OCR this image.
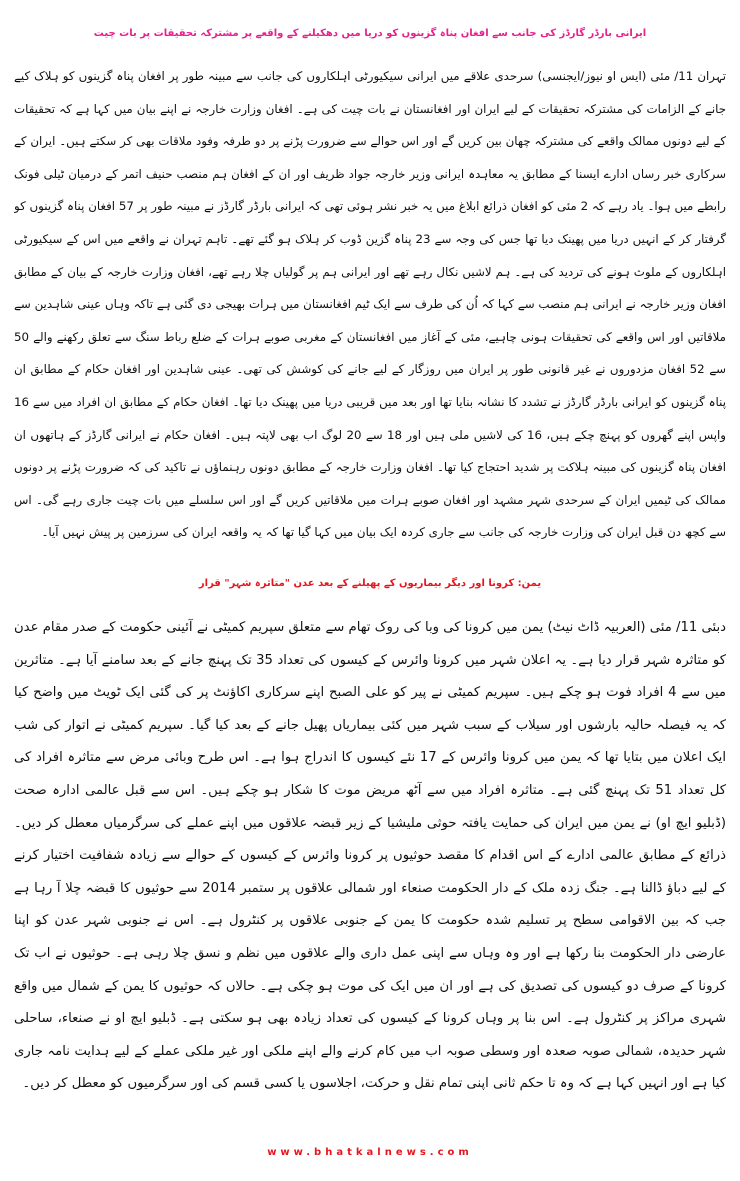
ایرانی بارڈر گارڈز کی جانب سے افغان پناہ گزینوں کو دریا میں دھکیلنے کے واقعے پر مشترکہ تحقیقات پر بات چیت

تہران 11/ مئی (ایس او نیوز/ایجنسی) سرحدی علاقے میں ایرانی سیکیورٹی اہلکاروں کی جانب سے مبینہ طور پر افغان پناہ گزینوں کو ہلاک کیے جانے کے الزامات کی مشترکہ تحقیقات کے لیے ایران اور افغانستان نے بات چیت کی ہے۔ افغان وزارت خارجہ نے اپنے بیان میں کہا ہے کہ تحقیقات کے لیے دونوں ممالک واقعے کی مشترکہ چھان بین کریں گے اور اس حوالے سے ضرورت پڑنے پر دو طرفہ وفود ملاقات بھی کر سکتے ہیں۔ ایران کے سرکاری خبر رساں ادارے ایسنا کے مطابق یہ معاہدہ ایرانی وزیر خارجہ جواد ظریف اور ان کے افغان ہم منصب حنیف اتمر کے درمیان ٹیلی فونک رابطے میں ہوا۔ یاد رہے کہ 2 مئی کو افغان ذرائع ابلاغ میں یہ خبر نشر ہوئی تھی کہ ایرانی بارڈر گارڈز نے مبینہ طور پر 57 افغان پناہ گزینوں کو گرفتار کر کے انہیں دریا میں پھینک دیا تھا جس کی وجہ سے 23 پناہ گزین ڈوب کر ہلاک ہو گئے تھے۔ تاہم تہران نے واقعے میں اس کے سیکیورٹی اہلکاروں کے ملوث ہونے کی تردید کی ہے۔ ہم لاشیں نکال رہے تھے اور ایرانی ہم پر گولیاں چلا رہے تھے، افغان وزارت خارجہ کے بیان کے مطابق افغان وزیر خارجہ نے ایرانی ہم منصب سے کہا کہ اُن کی طرف سے ایک ٹیم افغانستان میں ہرات بھیجی دی گئی ہے تاکہ وہاں عینی شاہدین سے ملاقاتیں اور اس واقعے کی تحقیقات ہونی چاہیے، مئی کے آغاز میں افغانستان کے مغربی صوبے ہرات کے ضلع رباط سنگ سے تعلق رکھنے والے 50 سے 52 افغان مزدوروں نے غیر قانونی طور پر ایران میں روزگار کے لیے جانے کی کوشش کی تھی۔ عینی شاہدین اور افغان حکام کے مطابق ان پناہ گزینوں کو ایرانی بارڈر گارڈز نے تشدد کا نشانہ بنایا تھا اور بعد میں قریبی دریا میں پھینک دیا تھا۔ افغان حکام کے مطابق ان افراد میں سے 16 واپس اپنے گھروں کو پہنچ چکے ہیں، 16 کی لاشیں ملی ہیں اور 18 سے 20 لوگ اب بھی لاپتہ ہیں۔ افغان حکام نے ایرانی گارڈز کے ہاتھوں ان افغان پناہ گزینوں کی مبینہ ہلاکت پر شدید احتجاج کیا تھا۔ افغان وزارت خارجہ کے مطابق دونوں رہنماؤں نے تاکید کی کہ ضرورت پڑنے پر دونوں ممالک کی ٹیمیں ایران کے سرحدی شہر مشہد اور افغان صوبے ہرات میں ملاقاتیں کریں گے اور اس سلسلے میں بات چیت جاری رہے گی۔ اس سے کچھ دن قبل ایران کی وزارت خارجہ کی جانب سے جاری کردہ ایک بیان میں کہا گیا تھا کہ یہ واقعہ ایران کی سرزمین پر پیش نہیں آیا۔

یمن: کرونا اور دیگر بیماریوں کے پھیلنے کے بعد عدن "متاثرہ شہر" قرار

دبئی 11/ مئی (العربیہ ڈاٹ نیٹ) یمن میں کرونا کی وبا کی روک تھام سے متعلق سپریم کمیٹی نے آئینی حکومت کے صدر مقام عدن کو متاثرہ شہر قرار دیا ہے۔ یہ اعلان شہر میں کرونا وائرس کے کیسوں کی تعداد 35 تک پہنچ جانے کے بعد سامنے آیا ہے۔ متاثرین میں سے 4 افراد فوت ہو چکے ہیں۔ سپریم کمیٹی نے پیر کو علی الصبح اپنے سرکاری اکاؤنٹ پر کی گئی ایک ٹویٹ میں واضح کیا کہ یہ فیصلہ حالیہ بارشوں اور سیلاب کے سبب شہر میں کئی بیماریاں پھیل جانے کے بعد کیا گیا۔ سپریم کمیٹی نے اتوار کی شب ایک اعلان میں بتایا تھا کہ یمن میں کرونا وائرس کے 17 نئے کیسوں کا اندراج ہوا ہے۔ اس طرح وبائی مرض سے متاثرہ افراد کی کل تعداد 51 تک پہنچ گئی ہے۔ متاثرہ افراد میں سے آٹھ مریض موت کا شکار ہو چکے ہیں۔ اس سے قبل عالمی ادارہ صحت (ڈبلیو ایچ او) نے یمن میں ایران کی حمایت یافتہ حوثی ملیشیا کے زیر قبضہ علاقوں میں اپنے عملے کی سرگرمیاں معطل کر دیں۔ ذرائع کے مطابق عالمی ادارے کے اس اقدام کا مقصد حوثیوں پر کرونا وائرس کے کیسوں کے حوالے سے زیادہ شفافیت اختیار کرنے کے لیے دباؤ ڈالنا ہے۔ جنگ زدہ ملک کے دار الحکومت صنعاء اور شمالی علاقوں پر ستمبر 2014 سے حوثیوں کا قبضہ چلا آ رہا ہے جب کہ بین الاقوامی سطح پر تسلیم شدہ حکومت کا یمن کے جنوبی علاقوں پر کنٹرول ہے۔ اس نے جنوبی شہر عدن کو اپنا عارضی دار الحکومت بنا رکھا ہے اور وہ وہاں سے اپنی عمل داری والے علاقوں میں نظم و نسق چلا رہی ہے۔ حوثیوں نے اب تک کرونا کے صرف دو کیسوں کی تصدیق کی ہے اور ان میں ایک کی موت ہو چکی ہے۔ حالاں کہ حوثیوں کا یمن کے شمال میں واقع شہری مراکز پر کنٹرول ہے۔ اس بنا پر وہاں کرونا کے کیسوں کی تعداد زیادہ بھی ہو سکتی ہے۔ ڈبلیو ایچ او نے صنعاء، ساحلی شہر حدیدہ، شمالی صوبہ صعدہ اور وسطی صوبہ اب میں کام کرنے والے اپنے ملکی اور غیر ملکی عملے کے لیے ہدایت نامہ جاری کیا ہے اور انہیں کہا ہے کہ وہ تا حکم ثانی اپنی تمام نقل و حرکت، اجلاسوں یا کسی قسم کی اور سرگرمیوں کو معطل کر دیں۔

www.bhatkalnews.com
